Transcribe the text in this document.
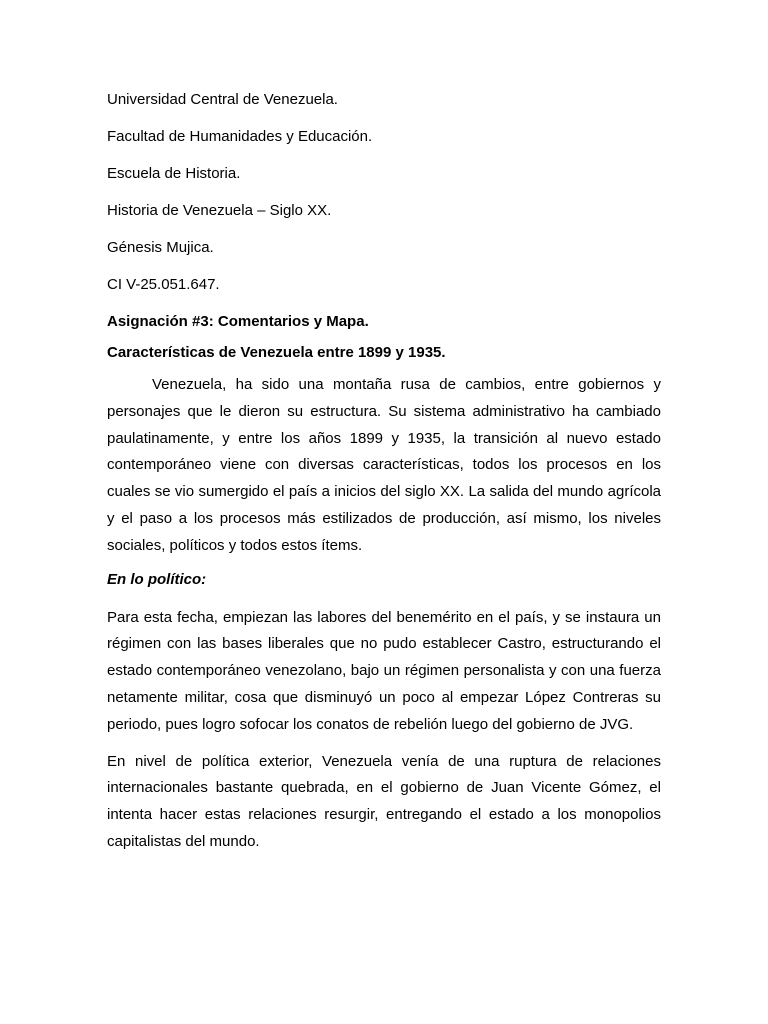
Universidad Central de Venezuela.

Facultad de Humanidades y Educación.

Escuela de Historia.

Historia de Venezuela – Siglo XX.

Génesis Mujica.

CI V-25.051.647.

Asignación #3: Comentarios y Mapa.

Características de Venezuela entre 1899 y 1935.

Venezuela, ha sido una montaña rusa de cambios, entre gobiernos y personajes que le dieron su estructura. Su sistema administrativo ha cambiado paulatinamente, y entre los años 1899 y 1935, la transición al nuevo estado contemporáneo viene con diversas características, todos los procesos en los cuales se vio sumergido el país a inicios del siglo XX. La salida del mundo agrícola y el paso a los procesos más estilizados de producción, así mismo, los niveles sociales, políticos y todos estos ítems.

En lo político:

Para esta fecha, empiezan las labores del benemérito en el país, y se instaura un régimen con las bases liberales que no pudo establecer Castro, estructurando el estado contemporáneo venezolano, bajo un régimen personalista y con una fuerza netamente militar, cosa que disminuyó un poco al empezar López Contreras su periodo, pues logro sofocar los conatos de rebelión luego del gobierno de JVG.

En nivel de política exterior, Venezuela venía de una ruptura de relaciones internacionales bastante quebrada, en el gobierno de Juan Vicente Gómez, el intenta hacer estas relaciones resurgir, entregando el estado a los monopolios capitalistas del mundo.
